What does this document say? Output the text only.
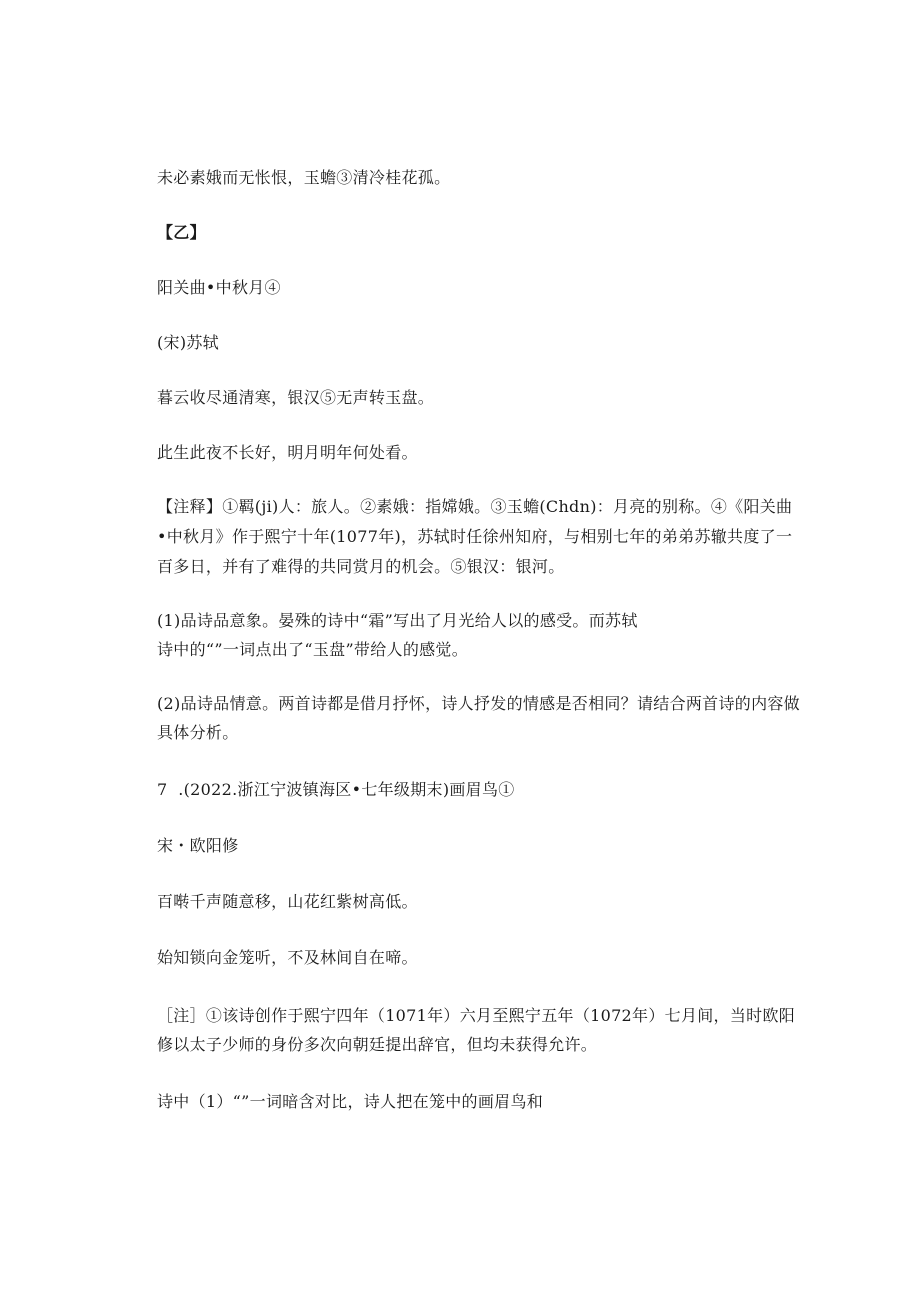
未必素娥而无怅恨，玉蟾③清冷桂花孤。
【乙】
阳关曲•中秋月④
(宋)苏轼
暮云收尽通清寒，银汉⑤无声转玉盘。
此生此夜不长好，明月明年何处看。
【注释】①羁(ji)人：旅人。②素娥：指嫦娥。③玉蟾(Chdn)：月亮的别称。④《阳关曲
•中秋月》作于熙宁十年(1077年)，苏轼时任徐州知府，与相别七年的弟弟苏辙共度了一
百多日，并有了难得的共同赏月的机会。⑤银汉：银河。
(1)品诗品意象。晏殊的诗中“霜”写出了月光给人以的感受。而苏轼
诗中的“”一词点出了“玉盘”带给人的感觉。
(2)品诗品情意。两首诗都是借月抒怀，诗人抒发的情感是否相同？请结合两首诗的内容做
具体分析。
7  .(2022.浙江宁波镇海区•七年级期末)画眉鸟①
宋・欧阳修
百啭千声随意移，山花红紫树高低。
始知锁向金笼听，不及林间自在啼。
［注］①该诗创作于熙宁四年（1071年）六月至熙宁五年（1072年）七月间，当时欧阳
修以太子少师的身份多次向朝廷提出辞官，但均未获得允许。
诗中（1）“”一词暗含对比，诗人把在笼中的画眉鸟和
